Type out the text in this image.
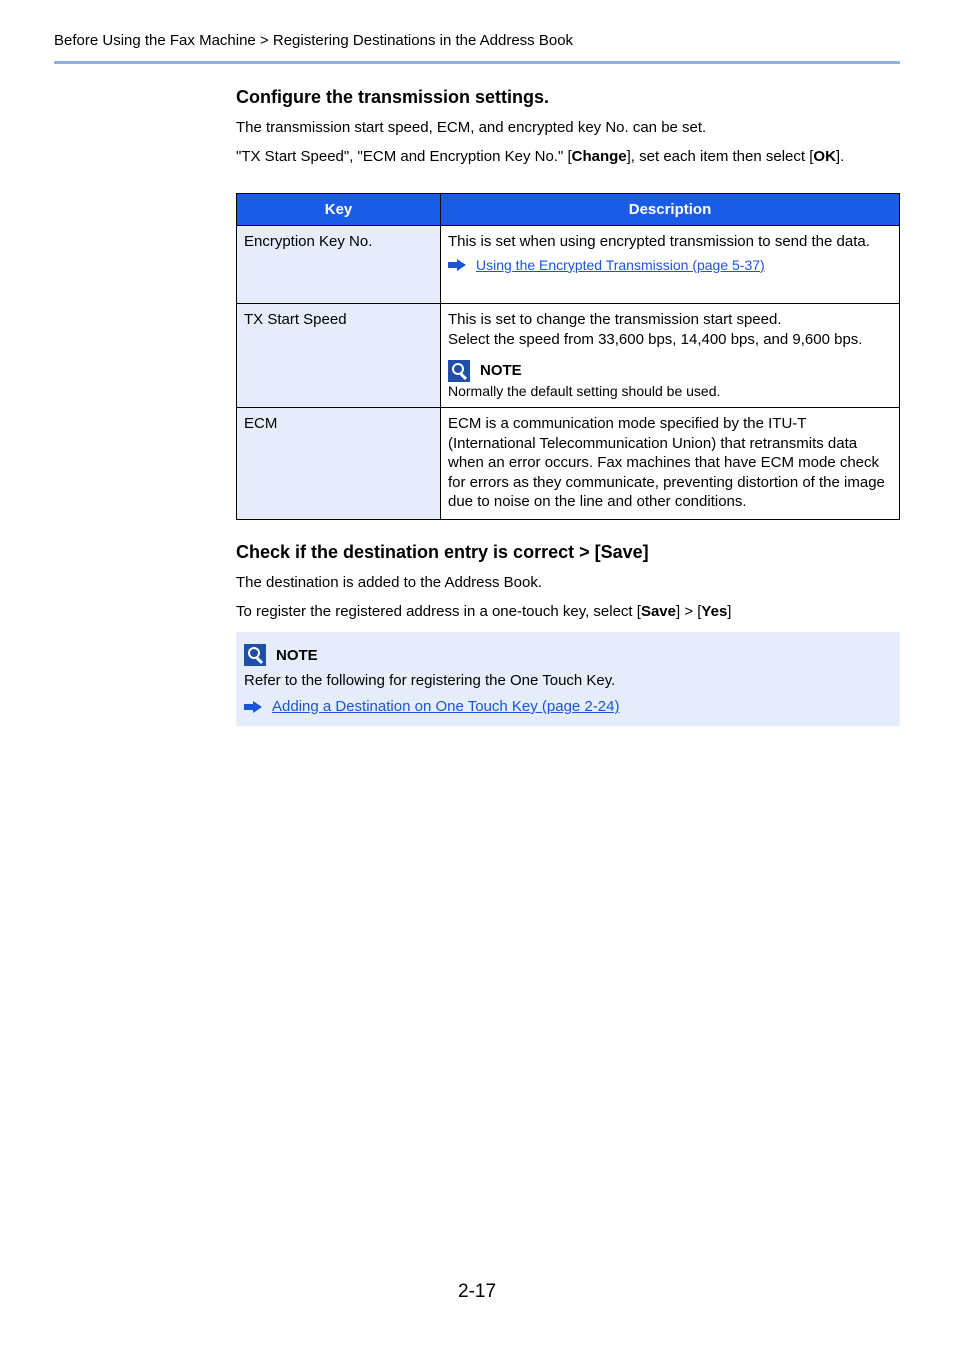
Before Using the Fax Machine > Registering Destinations in the Address Book
Configure the transmission settings.

The transmission start speed, ECM, and encrypted key No. can be set.

"TX Start Speed", "ECM and Encryption Key No." [Change], set each item then select [OK].

Key	Description
Encryption Key No.	This is set when using encrypted transmission to send the data.
Using the Encrypted Transmission (page 5-37)

TX Start Speed	This is set to change the transmission start speed.
Select the speed from 33,600 bps, 14,400 bps, and 9,600 bps.
NOTE
Normally the default setting should be used.

ECM	ECM is a communication mode specified by the ITU-T (International Telecommunication Union) that retransmits data when an error occurs. Fax machines that have ECM mode check for errors as they communicate, preventing distortion of the image due to noise on the line and other conditions.
Check if the destination entry is correct > [Save]

The destination is added to the Address Book.

To register the registered address in a one-touch key, select [Save] > [Yes]

NOTE
Refer to the following for registering the One Touch Key.
Adding a Destination on One Touch Key (page 2-24)
2-17
